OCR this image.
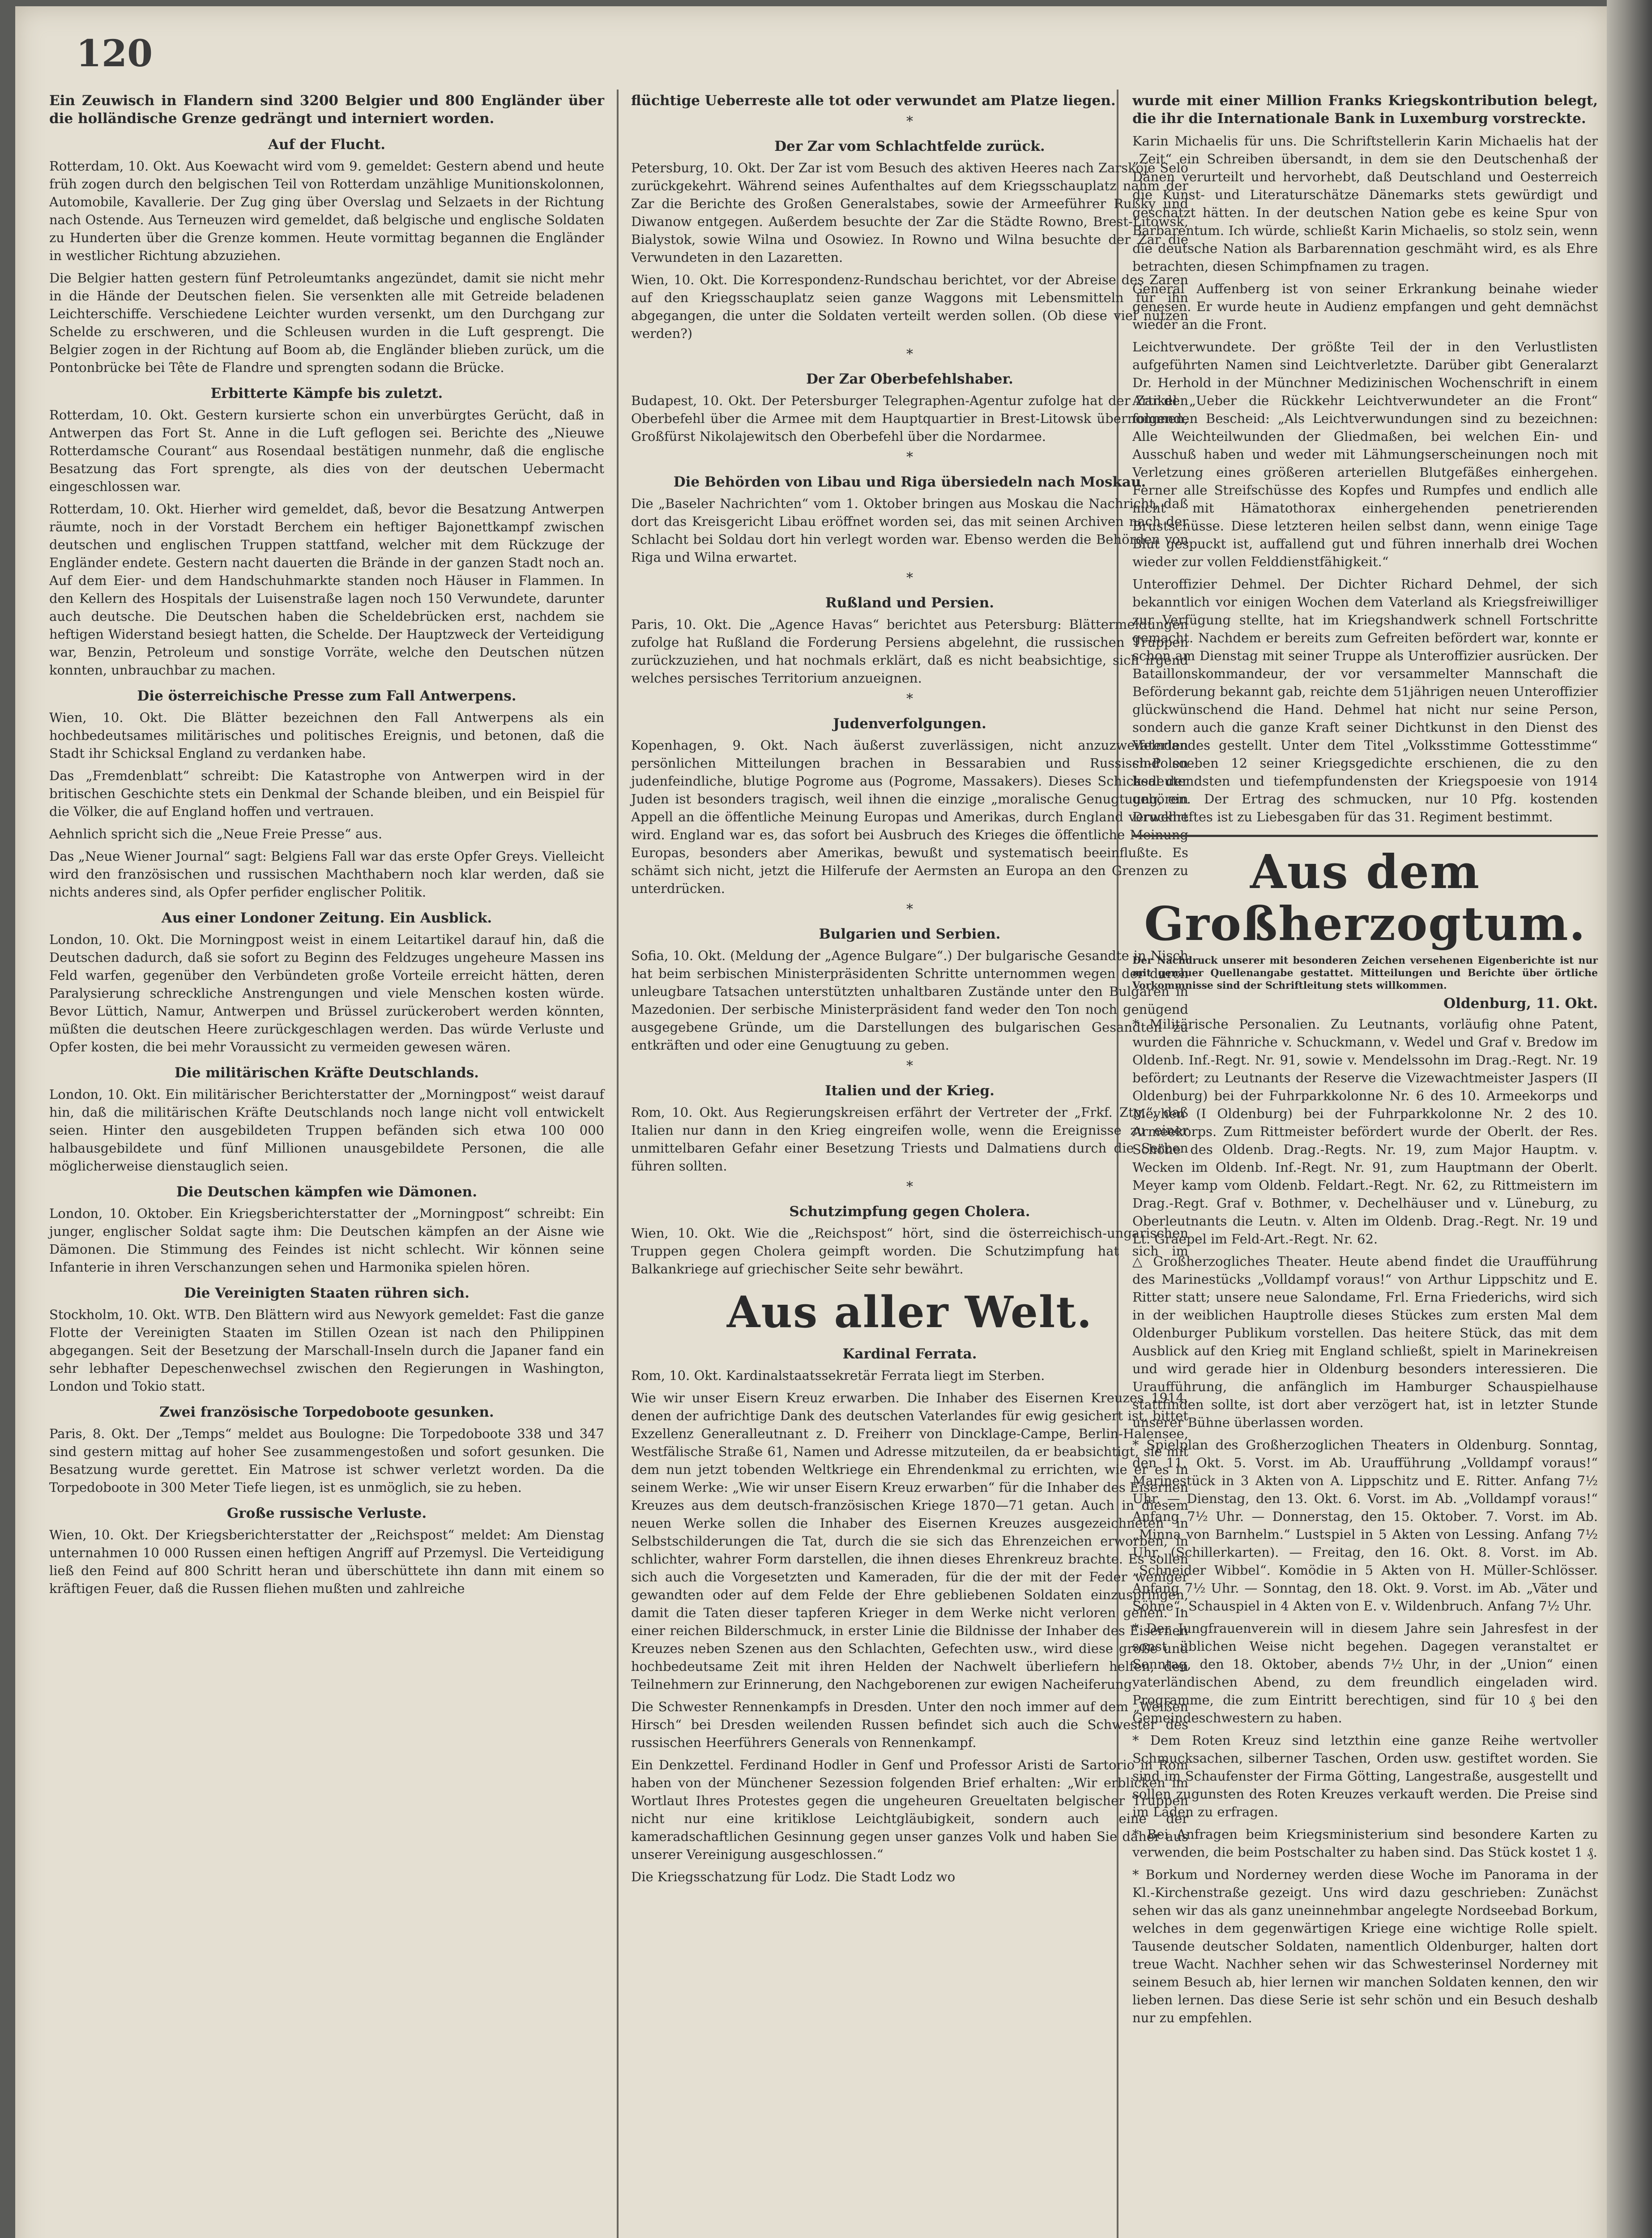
120

Ein Zeuwisch in Flandern sind 3200 Belgier und 800 Engländer über die holländische Grenze gedrängt und interniert worden.

Auf der Flucht.

Rotterdam, 10. Okt. Aus Koewacht wird vom 9. gemeldet: Gestern abend und heute früh zogen durch den belgischen Teil von Rotterdam unzählige Munitionskolonnen, Automobile, Kavallerie. Der Zug ging über Overslag und Selzaets in der Richtung nach Ostende. Aus Terneuzen wird gemeldet, daß belgische und englische Soldaten zu Hunderten über die Grenze kommen. Heute vormittag begannen die Engländer in westlicher Richtung abzuziehen.

Die Belgier hatten gestern fünf Petroleumtanks angezündet, damit sie nicht mehr in die Hände der Deutschen fielen. Sie versenkten alle mit Getreide beladenen Leichterschiffe. Verschiedene Leichter wurden versenkt, um den Durchgang zur Schelde zu erschweren, und die Schleusen wurden in die Luft gesprengt. Die Belgier zogen in der Richtung auf Boom ab, die Engländer blieben zurück, um die Pontonbrücke bei Tête de Flandre und sprengten sodann die Brücke.

Erbitterte Kämpfe bis zuletzt.

Rotterdam, 10. Okt. Gestern kursierte schon ein unverbürgtes Gerücht, daß in Antwerpen das Fort St. Anne in die Luft geflogen sei. Berichte des „Nieuwe Rotterdamsche Courant“ aus Rosendaal bestätigen nunmehr, daß die englische Besatzung das Fort sprengte, als dies von der deutschen Uebermacht eingeschlossen war.

Rotterdam, 10. Okt. Hierher wird gemeldet, daß, bevor die Besatzung Antwerpen räumte, noch in der Vorstadt Berchem ein heftiger Bajonettkampf zwischen deutschen und englischen Truppen stattfand, welcher mit dem Rückzuge der Engländer endete. Gestern nacht dauerten die Brände in der ganzen Stadt noch an. Auf dem Eier- und dem Handschuhmarkte standen noch Häuser in Flammen. In den Kellern des Hospitals der Luisenstraße lagen noch 150 Verwundete, darunter auch deutsche. Die Deutschen haben die Scheldebrücken erst, nachdem sie heftigen Widerstand besiegt hatten, die Schelde. Der Hauptzweck der Verteidigung war, Benzin, Petroleum und sonstige Vorräte, welche den Deutschen nützen konnten, unbrauchbar zu machen.

Die österreichische Presse zum Fall Antwerpens.

Wien, 10. Okt. Die Blätter bezeichnen den Fall Antwerpens als ein hochbedeutsames militärisches und politisches Ereignis, und betonen, daß die Stadt ihr Schicksal England zu verdanken habe.

Das „Fremdenblatt“ schreibt: Die Katastrophe von Antwerpen wird in der britischen Geschichte stets ein Denkmal der Schande bleiben, und ein Beispiel für die Völker, die auf England hoffen und vertrauen.

Aehnlich spricht sich die „Neue Freie Presse“ aus.

Das „Neue Wiener Journal“ sagt: Belgiens Fall war das erste Opfer Greys. Vielleicht wird den französischen und russischen Machthabern noch klar werden, daß sie nichts anderes sind, als Opfer perfider englischer Politik.

Aus einer Londoner Zeitung. Ein Ausblick.

London, 10. Okt. Die Morningpost weist in einem Leitartikel darauf hin, daß die Deutschen dadurch, daß sie sofort zu Beginn des Feldzuges ungeheure Massen ins Feld warfen, gegenüber den Verbündeten große Vorteile erreicht hätten, deren Paralysierung schreckliche Anstrengungen und viele Menschen kosten würde. Bevor Lüttich, Namur, Antwerpen und Brüssel zurückerobert werden könnten, müßten die deutschen Heere zurückgeschlagen werden. Das würde Verluste und Opfer kosten, die bei mehr Voraussicht zu vermeiden gewesen wären.

Die militärischen Kräfte Deutschlands.

London, 10. Okt. Ein militärischer Berichterstatter der „Morningpost“ weist darauf hin, daß die militärischen Kräfte Deutschlands noch lange nicht voll entwickelt seien. Hinter den ausgebildeten Truppen befänden sich etwa 100 000 halbausgebildete und fünf Millionen unausgebildete Personen, die alle möglicherweise dienstauglich seien.

Die Deutschen kämpfen wie Dämonen.

London, 10. Oktober. Ein Kriegsberichterstatter der „Morningpost“ schreibt: Ein junger, englischer Soldat sagte ihm: Die Deutschen kämpfen an der Aisne wie Dämonen. Die Stimmung des Feindes ist nicht schlecht. Wir können seine Infanterie in ihren Verschanzungen sehen und Harmonika spielen hören.

Die Vereinigten Staaten rühren sich.

Stockholm, 10. Okt. WTB. Den Blättern wird aus Newyork gemeldet: Fast die ganze Flotte der Vereinigten Staaten im Stillen Ozean ist nach den Philippinen abgegangen. Seit der Besetzung der Marschall-Inseln durch die Japaner fand ein sehr lebhafter Depeschenwechsel zwischen den Regierungen in Washington, London und Tokio statt.

Zwei französische Torpedoboote gesunken.

Paris, 8. Okt. Der „Temps“ meldet aus Boulogne: Die Torpedoboote 338 und 347 sind gestern mittag auf hoher See zusammengestoßen und sofort gesunken. Die Besatzung wurde gerettet. Ein Matrose ist schwer verletzt worden. Da die Torpedoboote in 300 Meter Tiefe liegen, ist es unmöglich, sie zu heben.

Große russische Verluste.

Wien, 10. Okt. Der Kriegsberichterstatter der „Reichspost“ meldet: Am Dienstag unternahmen 10 000 Russen einen heftigen Angriff auf Przemysl. Die Verteidigung ließ den Feind auf 800 Schritt heran und überschüttete ihn dann mit einem so kräftigen Feuer, daß die Russen fliehen mußten und zahlreiche

flüchtige Ueberreste alle tot oder verwundet am Platze liegen.

*
Der Zar vom Schlachtfelde zurück.

Petersburg, 10. Okt. Der Zar ist vom Besuch des aktiven Heeres nach Zarskoje Selo zurückgekehrt. Während seines Aufenthaltes auf dem Kriegsschauplatz nahm der Zar die Berichte des Großen Generalstabes, sowie der Armeeführer Rußky und Diwanow entgegen. Außerdem besuchte der Zar die Städte Rowno, Brest-Litowsk, Bialystok, sowie Wilna und Osowiez. In Rowno und Wilna besuchte der Zar die Verwundeten in den Lazaretten.

Wien, 10. Okt. Die Korrespondenz-Rundschau berichtet, vor der Abreise des Zaren auf den Kriegsschauplatz seien ganze Waggons mit Lebensmitteln für ihn abgegangen, die unter die Soldaten verteilt werden sollen. (Ob diese viel nützen werden?)

*
Der Zar Oberbefehlshaber.

Budapest, 10. Okt. Der Petersburger Telegraphen-Agentur zufolge hat der Zar den Oberbefehl über die Armee mit dem Hauptquartier in Brest-Litowsk übernommen, Großfürst Nikolajewitsch den Oberbefehl über die Nordarmee.

*
Die Behörden von Libau und Riga übersiedeln nach Moskau.

Die „Baseler Nachrichten“ vom 1. Oktober bringen aus Moskau die Nachricht, daß dort das Kreisgericht Libau eröffnet worden sei, das mit seinen Archiven nach der Schlacht bei Soldau dort hin verlegt worden war. Ebenso werden die Behörden von Riga und Wilna erwartet.

*
Rußland und Persien.

Paris, 10. Okt. Die „Agence Havas“ berichtet aus Petersburg: Blättermeldungen zufolge hat Rußland die Forderung Persiens abgelehnt, die russischen Truppen zurückzuziehen, und hat nochmals erklärt, daß es nicht beabsichtige, sich irgend welches persisches Territorium anzueignen.

*
Judenverfolgungen.

Kopenhagen, 9. Okt. Nach äußerst zuverlässigen, nicht anzuzweifelnden persönlichen Mitteilungen brachen in Bessarabien und Russisch-Polen judenfeindliche, blutige Pogrome aus (Pogrome, Massakers). Dieses Schicksal der Juden ist besonders tragisch, weil ihnen die einzige „moralische Genugtuung, ein Appell an die öffentliche Meinung Europas und Amerikas, durch England verwehrt wird. England war es, das sofort bei Ausbruch des Krieges die öffentliche Meinung Europas, besonders aber Amerikas, bewußt und systematisch beeinflußte. Es schämt sich nicht, jetzt die Hilferufe der Aermsten an Europa an den Grenzen zu unterdrücken.

*
Bulgarien und Serbien.

Sofia, 10. Okt. (Meldung der „Agence Bulgare“.) Der bulgarische Gesandte in Nisch hat beim serbischen Ministerpräsidenten Schritte unternommen wegen der durch unleugbare Tatsachen unterstützten unhaltbaren Zustände unter den Bulgaren in Mazedonien. Der serbische Ministerpräsident fand weder den Ton noch genügend ausgegebene Gründe, um die Darstellungen des bulgarischen Gesandten zu entkräften und oder eine Genugtuung zu geben.

*
Italien und der Krieg.

Rom, 10. Okt. Aus Regierungskreisen erfährt der Vertreter der „Frkf. Ztg.“, daß Italien nur dann in den Krieg eingreifen wolle, wenn die Ereignisse zu einer unmittelbaren Gefahr einer Besetzung Triests und Dalmatiens durch die Serben führen sollten.

*
Schutzimpfung gegen Cholera.

Wien, 10. Okt. Wie die „Reichspost“ hört, sind die österreichisch-ungarischen Truppen gegen Cholera geimpft worden. Die Schutzimpfung hat sich im Balkankriege auf griechischer Seite sehr bewährt.

Aus aller Welt.
Kardinal Ferrata.

Rom, 10. Okt. Kardinalstaatssekretär Ferrata liegt im Sterben.

Wie wir unser Eisern Kreuz erwarben. Die Inhaber des Eisernen Kreuzes 1914, denen der aufrichtige Dank des deutschen Vaterlandes für ewig gesichert ist, bittet Exzellenz Generalleutnant z. D. Freiherr von Dincklage-Campe, Berlin-Halensee, Westfälische Straße 61, Namen und Adresse mitzuteilen, da er beabsichtigt, sie mit dem nun jetzt tobenden Weltkriege ein Ehrendenkmal zu errichten, wie er es in seinem Werke: „Wie wir unser Eisern Kreuz erwarben“ für die Inhaber des Eisernen Kreuzes aus dem deutsch-französischen Kriege 1870—71 getan. Auch in diesem neuen Werke sollen die Inhaber des Eisernen Kreuzes ausgezeichneten in Selbstschilderungen die Tat, durch die sie sich das Ehrenzeichen erworben, in schlichter, wahrer Form darstellen, die ihnen dieses Ehrenkreuz brachte. Es sollen sich auch die Vorgesetzten und Kameraden, für die der mit der Feder weniger gewandten oder auf dem Felde der Ehre gebliebenen Soldaten einzuspringen, damit die Taten dieser tapferen Krieger in dem Werke nicht verloren gehen. In einer reichen Bilderschmuck, in erster Linie die Bildnisse der Inhaber des Eisernen Kreuzes neben Szenen aus den Schlachten, Gefechten usw., wird diese große und hochbedeutsame Zeit mit ihren Helden der Nachwelt überliefern helfen, den Teilnehmern zur Erinnerung, den Nachgeborenen zur ewigen Nacheiferung.

Die Schwester Rennenkampfs in Dresden. Unter den noch immer auf dem „Weißen Hirsch“ bei Dresden weilenden Russen befindet sich auch die Schwester des russischen Heerführers Generals von Rennenkampf.

Ein Denkzettel. Ferdinand Hodler in Genf und Professor Aristi de Sartorio in Rom haben von der Münchener Sezession folgenden Brief erhalten: „Wir erblicken im Wortlaut Ihres Protestes gegen die ungeheuren Greueltaten belgischer Truppen nicht nur eine kritiklose Leichtgläubigkeit, sondern auch eine der kameradschaftlichen Gesinnung gegen unser ganzes Volk und haben Sie daher aus unserer Vereinigung ausgeschlossen.“

Die Kriegsschatzung für Lodz. Die Stadt Lodz wo

wurde mit einer Million Franks Kriegskontribution belegt, die ihr die Internationale Bank in Luxemburg vorstreckte.

Karin Michaelis für uns. Die Schriftstellerin Karin Michaelis hat der „Zeit“ ein Schreiben übersandt, in dem sie den Deutschenhaß der Dänen verurteilt und hervorhebt, daß Deutschland und Oesterreich die Kunst- und Literaturschätze Dänemarks stets gewürdigt und geschätzt hätten. In der deutschen Nation gebe es keine Spur von Barbarentum. Ich würde, schließt Karin Michaelis, so stolz sein, wenn die deutsche Nation als Barbarennation geschmäht wird, es als Ehre betrachten, diesen Schimpfnamen zu tragen.

General Auffenberg ist von seiner Erkrankung beinahe wieder genesen. Er wurde heute in Audienz empfangen und geht demnächst wieder an die Front.

Leichtverwundete. Der größte Teil der in den Verlustlisten aufgeführten Namen sind Leichtverletzte. Darüber gibt Generalarzt Dr. Herhold in der Münchner Medizinischen Wochenschrift in einem Artikel „Ueber die Rückkehr Leichtverwundeter an die Front“ folgenden Bescheid: „Als Leichtverwundungen sind zu bezeichnen: Alle Weichteilwunden der Gliedmaßen, bei welchen Ein- und Ausschuß haben und weder mit Lähmungserscheinungen noch mit Verletzung eines größeren arteriellen Blutgefäßes einhergehen. Ferner alle Streifschüsse des Kopfes und Rumpfes und endlich alle nicht mit Hämatothorax einhergehenden penetrierenden Brustschüsse. Diese letzteren heilen selbst dann, wenn einige Tage Blut gespuckt ist, auffallend gut und führen innerhalb drei Wochen wieder zur vollen Felddienstfähigkeit.“

Unteroffizier Dehmel. Der Dichter Richard Dehmel, der sich bekanntlich vor einigen Wochen dem Vaterland als Kriegsfreiwilliger zur Verfügung stellte, hat im Kriegshandwerk schnell Fortschritte gemacht. Nachdem er bereits zum Gefreiten befördert war, konnte er schon am Dienstag mit seiner Truppe als Unteroffizier ausrücken. Der Bataillonskommandeur, der vor versammelter Mannschaft die Beförderung bekannt gab, reichte dem 51jährigen neuen Unteroffizier glückwünschend die Hand. Dehmel hat nicht nur seine Person, sondern auch die ganze Kraft seiner Dichtkunst in den Dienst des Vaterlandes gestellt. Unter dem Titel „Volksstimme Gottesstimme“ sind soeben 12 seiner Kriegsgedichte erschienen, die zu den bedeutendsten und tiefempfundensten der Kriegspoesie von 1914 gehören. Der Ertrag des schmucken, nur 10 Pfg. kostenden Druckheftes ist zu Liebesgaben für das 31. Regiment bestimmt.

Aus dem Großherzogtum.

Der Nachdruck unserer mit besonderen Zeichen versehenen Eigenberichte ist nur mit genauer Quellenangabe gestattet. Mitteilungen und Berichte über örtliche Vorkommnisse sind der Schriftleitung stets willkommen.

Oldenburg, 11. Okt.

* Militärische Personalien. Zu Leutnants, vorläufig ohne Patent, wurden die Fähnriche v. Schuckmann, v. Wedel und Graf v. Bredow im Oldenb. Inf.-Regt. Nr. 91, sowie v. Mendelssohn im Drag.-Regt. Nr. 19 befördert; zu Leutnants der Reserve die Vizewachtmeister Jaspers (II Oldenburg) bei der Fuhrparkkolonne Nr. 6 des 10. Armeekorps und Meyhen (I Oldenburg) bei der Fuhrparkkolonne Nr. 2 des 10. Armeekorps. Zum Rittmeister befördert wurde der Oberlt. der Res. Schöne des Oldenb. Drag.-Regts. Nr. 19, zum Major Hauptm. v. Wecken im Oldenb. Inf.-Regt. Nr. 91, zum Hauptmann der Oberlt. Meyer kamp vom Oldenb. Feldart.-Regt. Nr. 62, zu Rittmeistern im Drag.-Regt. Graf v. Bothmer, v. Dechelhäuser und v. Lüneburg, zu Oberleutnants die Leutn. v. Alten im Oldenb. Drag.-Regt. Nr. 19 und Lt. Graepel im Feld-Art.-Regt. Nr. 62.

△ Großherzogliches Theater. Heute abend findet die Uraufführung des Marinestücks „Volldampf voraus!“ von Arthur Lippschitz und E. Ritter statt; unsere neue Salondame, Frl. Erna Friederichs, wird sich in der weiblichen Hauptrolle dieses Stückes zum ersten Mal dem Oldenburger Publikum vorstellen. Das heitere Stück, das mit dem Ausblick auf den Krieg mit England schließt, spielt in Marinekreisen und wird gerade hier in Oldenburg besonders interessieren. Die Uraufführung, die anfänglich im Hamburger Schauspielhause stattfinden sollte, ist dort aber verzögert hat, ist in letzter Stunde unserer Bühne überlassen worden.

* Spielplan des Großherzoglichen Theaters in Oldenburg. Sonntag, den 11. Okt. 5. Vorst. im Ab. Uraufführung „Volldampf voraus!“ Marinestück in 3 Akten von A. Lippschitz und E. Ritter. Anfang 7½ Uhr. — Dienstag, den 13. Okt. 6. Vorst. im Ab. „Volldampf voraus!“ Anfang 7½ Uhr. — Donnerstag, den 15. Oktober. 7. Vorst. im Ab. „Minna von Barnhelm.“ Lustspiel in 5 Akten von Lessing. Anfang 7½ Uhr. (Schillerkarten). — Freitag, den 16. Okt. 8. Vorst. im Ab. „Schneider Wibbel“. Komödie in 5 Akten von H. Müller-Schlösser. Anfang 7½ Uhr. — Sonntag, den 18. Okt. 9. Vorst. im Ab. „Väter und Söhne“. Schauspiel in 4 Akten von E. v. Wildenbruch. Anfang 7½ Uhr.

* Der Jungfrauenverein will in diesem Jahre sein Jahresfest in der sonst üblichen Weise nicht begehen. Dagegen veranstaltet er Sonntag, den 18. Oktober, abends 7½ Uhr, in der „Union“ einen vaterländischen Abend, zu dem freundlich eingeladen wird. Programme, die zum Eintritt berechtigen, sind für 10 ₰ bei den Gemeindeschwestern zu haben.

* Dem Roten Kreuz sind letzthin eine ganze Reihe wertvoller Schmucksachen, silberner Taschen, Orden usw. gestiftet worden. Sie sind im Schaufenster der Firma Götting, Langestraße, ausgestellt und sollen zugunsten des Roten Kreuzes verkauft werden. Die Preise sind im Laden zu erfragen.

* Bei Anfragen beim Kriegsministerium sind besondere Karten zu verwenden, die beim Postschalter zu haben sind. Das Stück kostet 1 ₰.

* Borkum und Norderney werden diese Woche im Panorama in der Kl.-Kirchenstraße gezeigt. Uns wird dazu geschrieben: Zunächst sehen wir das als ganz uneinnehmbar angelegte Nordseebad Borkum, welches in dem gegenwärtigen Kriege eine wichtige Rolle spielt. Tausende deutscher Soldaten, namentlich Oldenburger, halten dort treue Wacht. Nachher sehen wir das Schwesterinsel Norderney mit seinem Besuch ab, hier lernen wir manchen Soldaten kennen, den wir lieben lernen. Das diese Serie ist sehr schön und ein Besuch deshalb nur zu empfehlen.
